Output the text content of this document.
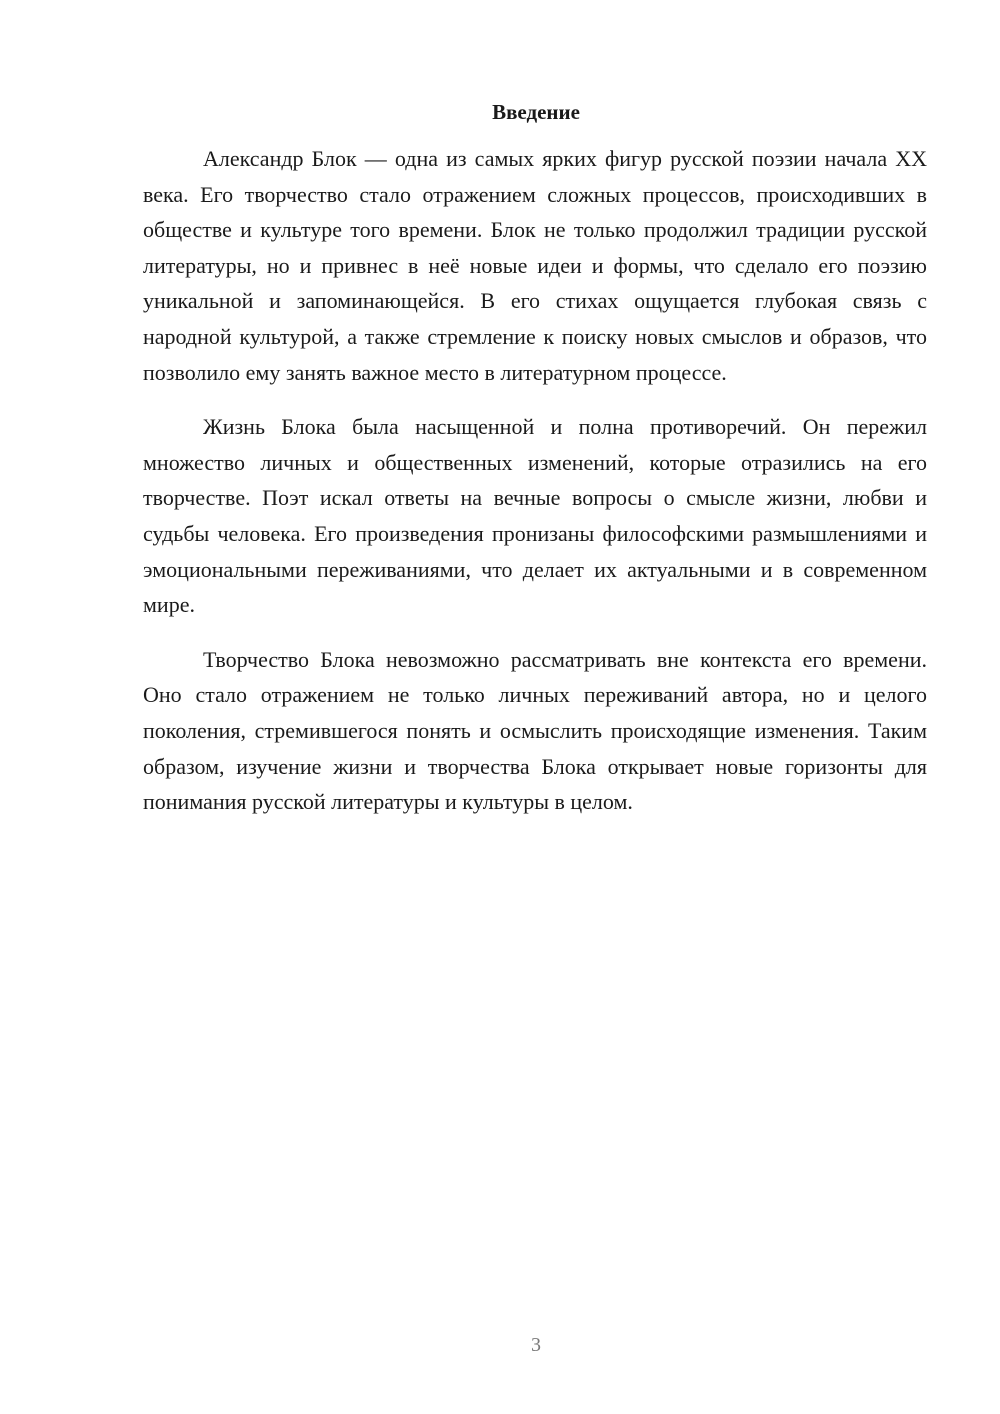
Введение

Александр Блок — одна из самых ярких фигур русской поэзии начала XX века. Его творчество стало отражением сложных процессов, происходивших в обществе и культуре того времени. Блок не только продолжил традиции русской литературы, но и привнес в неё новые идеи и формы, что сделало его поэзию уникальной и запоминающейся. В его стихах ощущается глубокая связь с народной культурой, а также стремление к поиску новых смыслов и образов, что позволило ему занять важное место в литературном процессе.

Жизнь Блока была насыщенной и полна противоречий. Он пережил множество личных и общественных изменений, которые отразились на его творчестве. Поэт искал ответы на вечные вопросы о смысле жизни, любви и судьбы человека. Его произведения пронизаны философскими размышлениями и эмоциональными переживаниями, что делает их актуальными и в современном мире.

Творчество Блока невозможно рассматривать вне контекста его времени. Оно стало отражением не только личных переживаний автора, но и целого поколения, стремившегося понять и осмыслить происходящие изменения. Таким образом, изучение жизни и творчества Блока открывает новые горизонты для понимания русской литературы и культуры в целом.

3
